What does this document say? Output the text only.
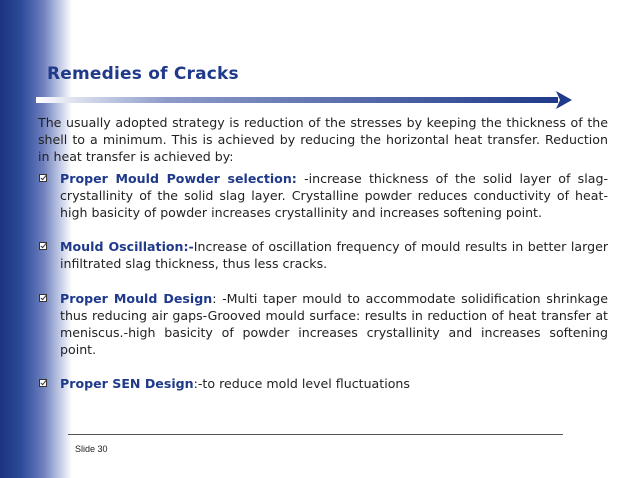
Remedies of Cracks

The usually adopted strategy is reduction of the stresses by keeping the thickness of the shell to a minimum. This is achieved by reducing the horizontal heat transfer. Reduction in heat transfer is achieved by:

Proper Mould Powder selection: -increase thickness of the solid layer of slag-crystallinity of the solid slag layer. Crystalline powder reduces conductivity of heat-high basicity of powder increases crystallinity and increases softening point.
Mould Oscillation:-Increase of oscillation frequency of mould results in better larger infiltrated slag thickness, thus less cracks.
Proper Mould Design: -Multi taper mould to accommodate solidification shrinkage thus reducing air gaps-Grooved mould surface: results in reduction of heat transfer at meniscus.-high basicity of powder increases crystallinity and increases softening point.
Proper SEN Design:-to reduce mold level fluctuations
Slide 30
